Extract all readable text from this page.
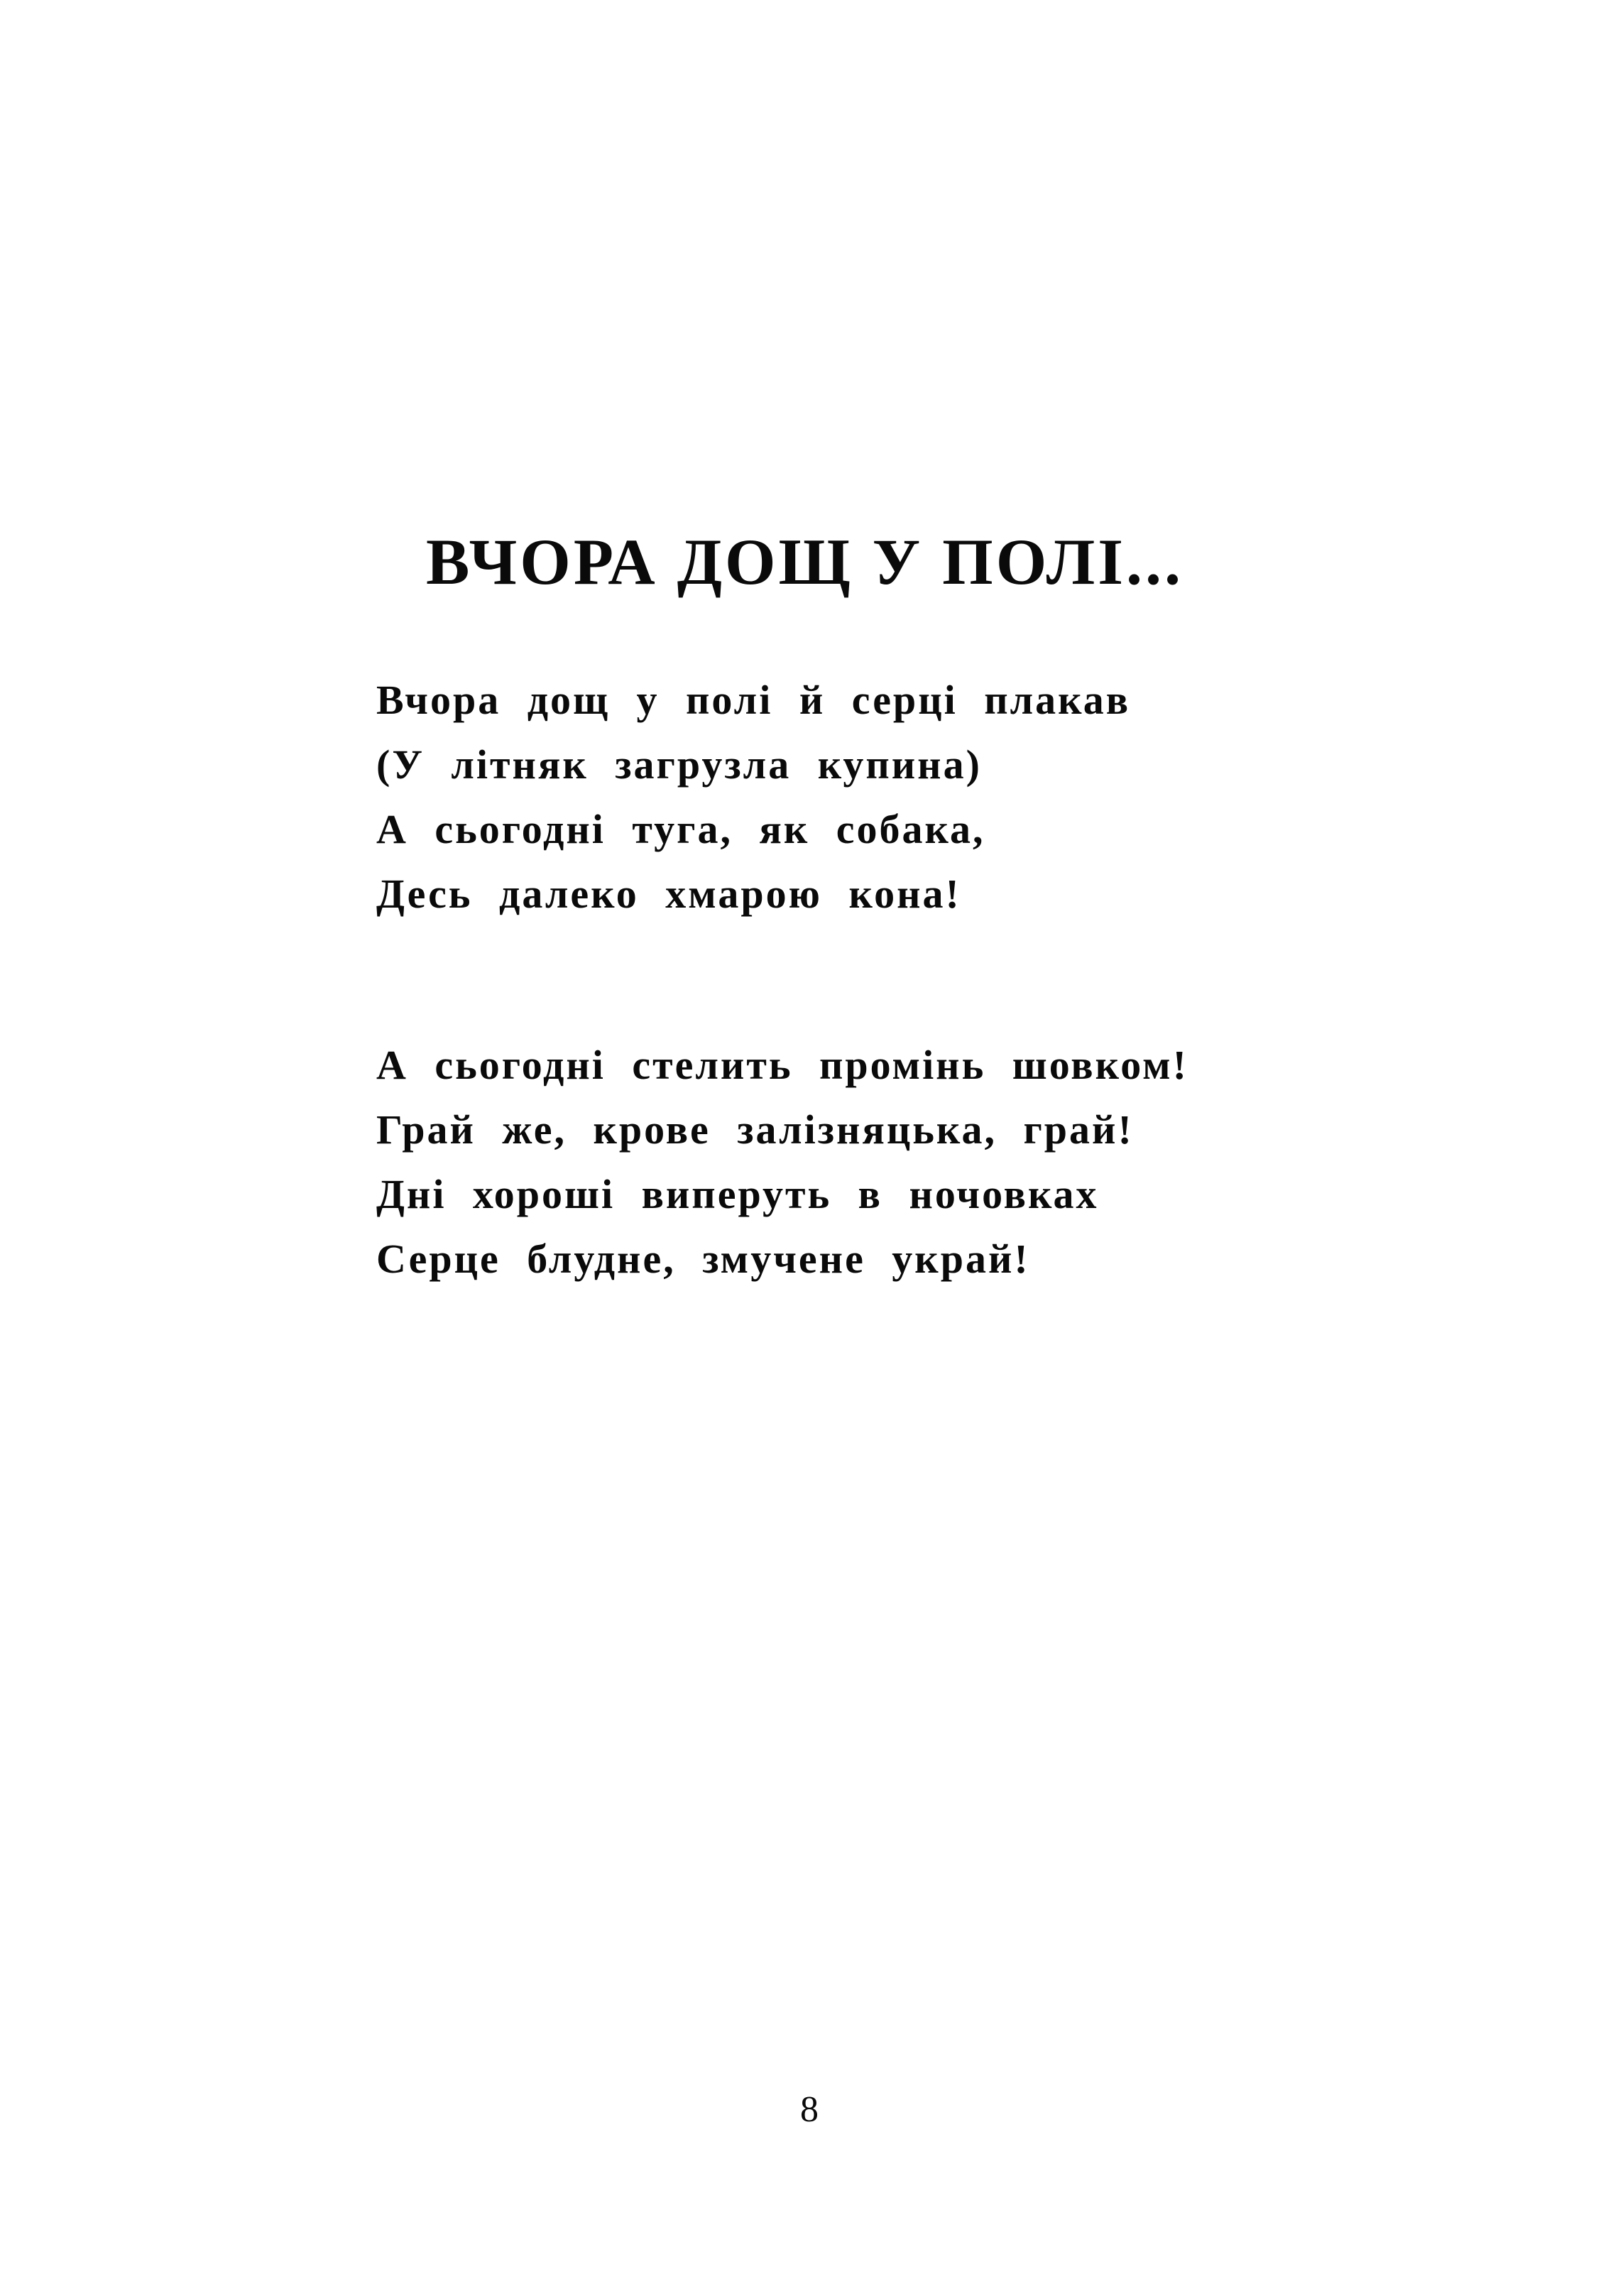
ВЧОРА ДОЩ У ПОЛІ...
Вчора дощ у полі й серці плакав
(У літняк загрузла купина)
А сьогодні туга, як собака,
Десь далеко хмарою кона!
А сьогодні стелить промінь шовком!
Грай же, крове залізняцька, грай!
Дні хороші виперуть в ночовках
Серце блудне, змучене украй!
8
